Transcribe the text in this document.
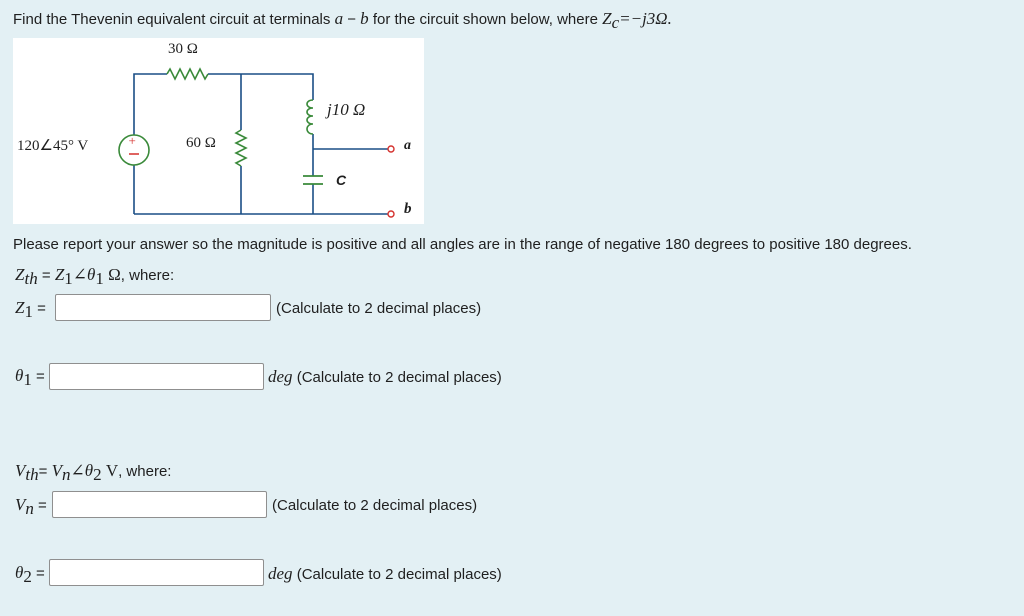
Find the Thevenin equivalent circuit at terminals a − b for the circuit shown below, where $Z_c=-j3\Omega$.
+
30 Ω
60 Ω
j10 Ω
120∠45° V
C
a
b
Please report your answer so the magnitude is positive and all angles are in the range of negative 180 degrees to positive 180 degrees.
$Z_{th}$ = $Z_1\angle\theta_1$ Ω, where:
$Z_1$ =	(Calculate to 2 decimal places)
$\theta_1$ =	deg (Calculate to 2 decimal places)
$V_{th}=$ $V_n\angle\theta_2$ V, where:
$V_n$ =	(Calculate to 2 decimal places)
$\theta_2$ =	deg (Calculate to 2 decimal places)
